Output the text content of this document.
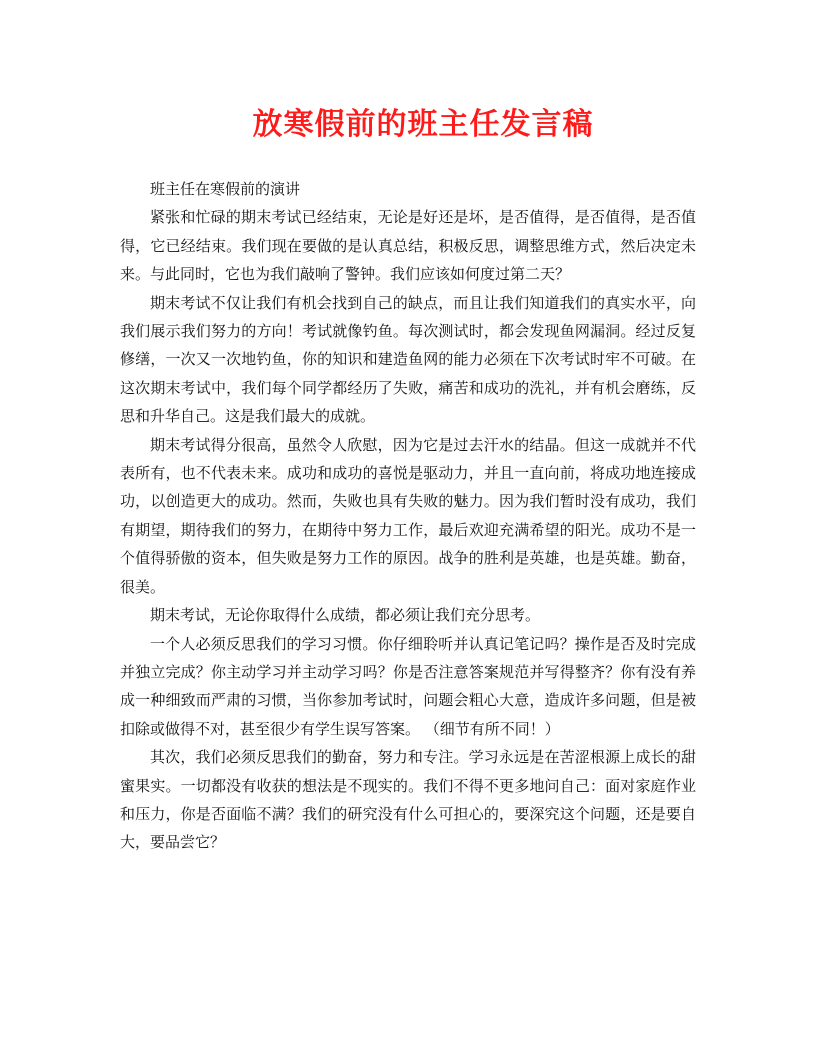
放寒假前的班主任发言稿

班主任在寒假前的演讲

紧张和忙碌的期末考试已经结束，无论是好还是坏，是否值得，是否值得，是否值得，它已经结束。我们现在要做的是认真总结，积极反思，调整思维方式，然后决定未来。与此同时，它也为我们敲响了警钟。我们应该如何度过第二天？

期末考试不仅让我们有机会找到自己的缺点，而且让我们知道我们的真实水平，向我们展示我们努力的方向！考试就像钓鱼。每次测试时，都会发现鱼网漏洞。经过反复修缮，一次又一次地钓鱼，你的知识和建造鱼网的能力必须在下次考试时牢不可破。在这次期末考试中，我们每个同学都经历了失败，痛苦和成功的洗礼，并有机会磨练，反思和升华自己。这是我们最大的成就。

期末考试得分很高，虽然令人欣慰，因为它是过去汗水的结晶。但这一成就并不代表所有，也不代表未来。成功和成功的喜悦是驱动力，并且一直向前，将成功地连接成功，以创造更大的成功。然而，失败也具有失败的魅力。因为我们暂时没有成功，我们有期望，期待我们的努力，在期待中努力工作，最后欢迎充满希望的阳光。成功不是一个值得骄傲的资本，但失败是努力工作的原因。战争的胜利是英雄，也是英雄。勤奋，很美。

期末考试，无论你取得什么成绩，都必须让我们充分思考。

一个人必须反思我们的学习习惯。你仔细聆听并认真记笔记吗？操作是否及时完成并独立完成？你主动学习并主动学习吗？你是否注意答案规范并写得整齐？你有没有养成一种细致而严肃的习惯，当你参加考试时，问题会粗心大意，造成许多问题，但是被扣除或做得不对，甚至很少有学生误写答案。 （细节有所不同！）

其次，我们必须反思我们的勤奋，努力和专注。学习永远是在苦涩根源上成长的甜蜜果实。一切都没有收获的想法是不现实的。我们不得不更多地问自己：面对家庭作业和压力，你是否面临不满？我们的研究没有什么可担心的，要深究这个问题，还是要自大，要品尝它？
